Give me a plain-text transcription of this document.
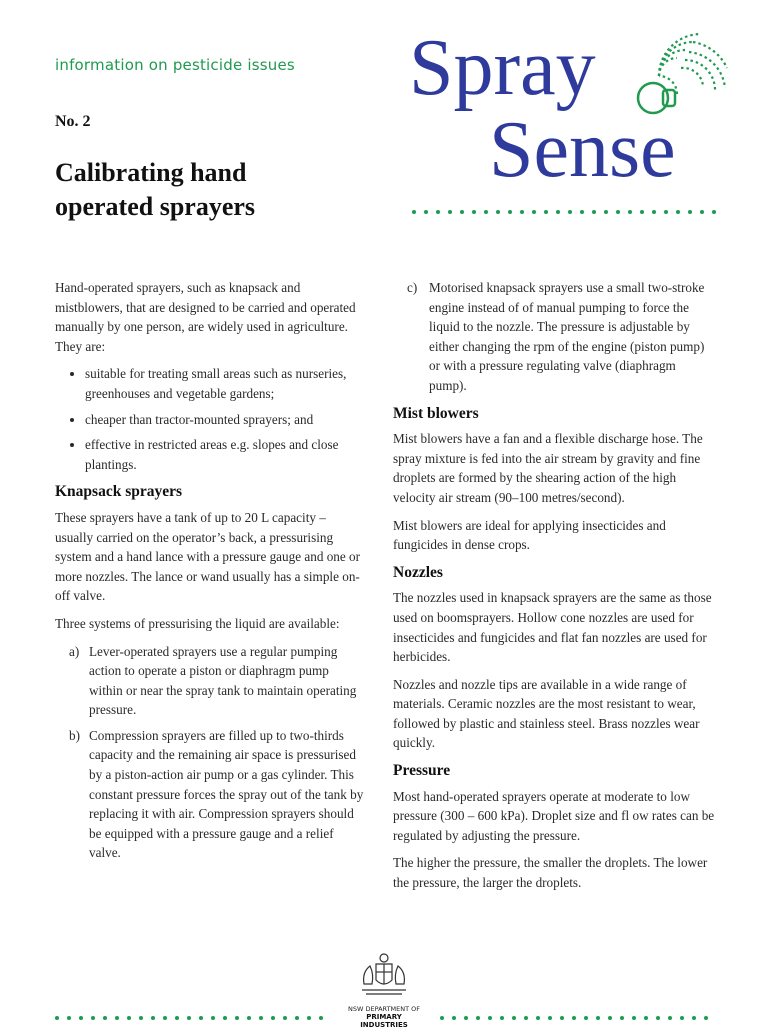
information on pesticide issues
No. 2
Calibrating hand
operated sprayers
Spray
Sense

Hand-operated sprayers, such as knapsack and mistblowers, that are designed to be carried and operated manually by one person, are widely used in agriculture. They are:

• suitable for treating small areas such as nurseries, greenhouses and vegetable gardens;
• cheaper than tractor-mounted sprayers; and
• effective in restricted areas e.g. slopes and close plantings.
Knapsack sprayers

These sprayers have a tank of up to 20 L capacity – usually carried on the operator’s back, a pressurising system and a hand lance with a pressure gauge and one or more nozzles. The lance or wand usually has a simple on-off valve.

Three systems of pressurising the liquid are available:

a) Lever-operated sprayers use a regular pumping action to operate a piston or diaphragm pump within or near the spray tank to maintain operating pressure.
b) Compression sprayers are filled up to two-thirds capacity and the remaining air space is pressurised by a piston-action air pump or a gas cylinder. This constant pressure forces the spray out of the tank by replacing it with air. Compression sprayers should be equipped with a pressure gauge and a relief valve.
c) Motorised knapsack sprayers use a small two-stroke engine instead of of manual pumping to force the liquid to the nozzle. The pressure is adjustable by either changing the rpm of the engine (piston pump) or with a pressure regulating valve (diaphragm pump).
Mist blowers

Mist blowers have a fan and a flexible discharge hose. The spray mixture is fed into the air stream by gravity and fine droplets are formed by the shearing action of the high velocity air stream (90–100 metres/second).

Mist blowers are ideal for applying insecticides and fungicides in dense crops.

Nozzles

The nozzles used in knapsack sprayers are the same as those used on boomsprayers. Hollow cone nozzles are used for insecticides and fungicides and flat fan nozzles are used for herbicides.

Nozzles and nozzle tips are available in a wide range of materials. Ceramic nozzles are the most resistant to wear, followed by plastic and stainless steel. Brass nozzles wear quickly.

Pressure

Most hand-operated sprayers operate at moderate to low pressure (300 – 600 kPa). Droplet size and fl ow rates can be regulated by adjusting the pressure.

The higher the pressure, the smaller the droplets. The lower the pressure, the larger the droplets.

NSW DEPARTMENT OF
PRIMARY INDUSTRIES
